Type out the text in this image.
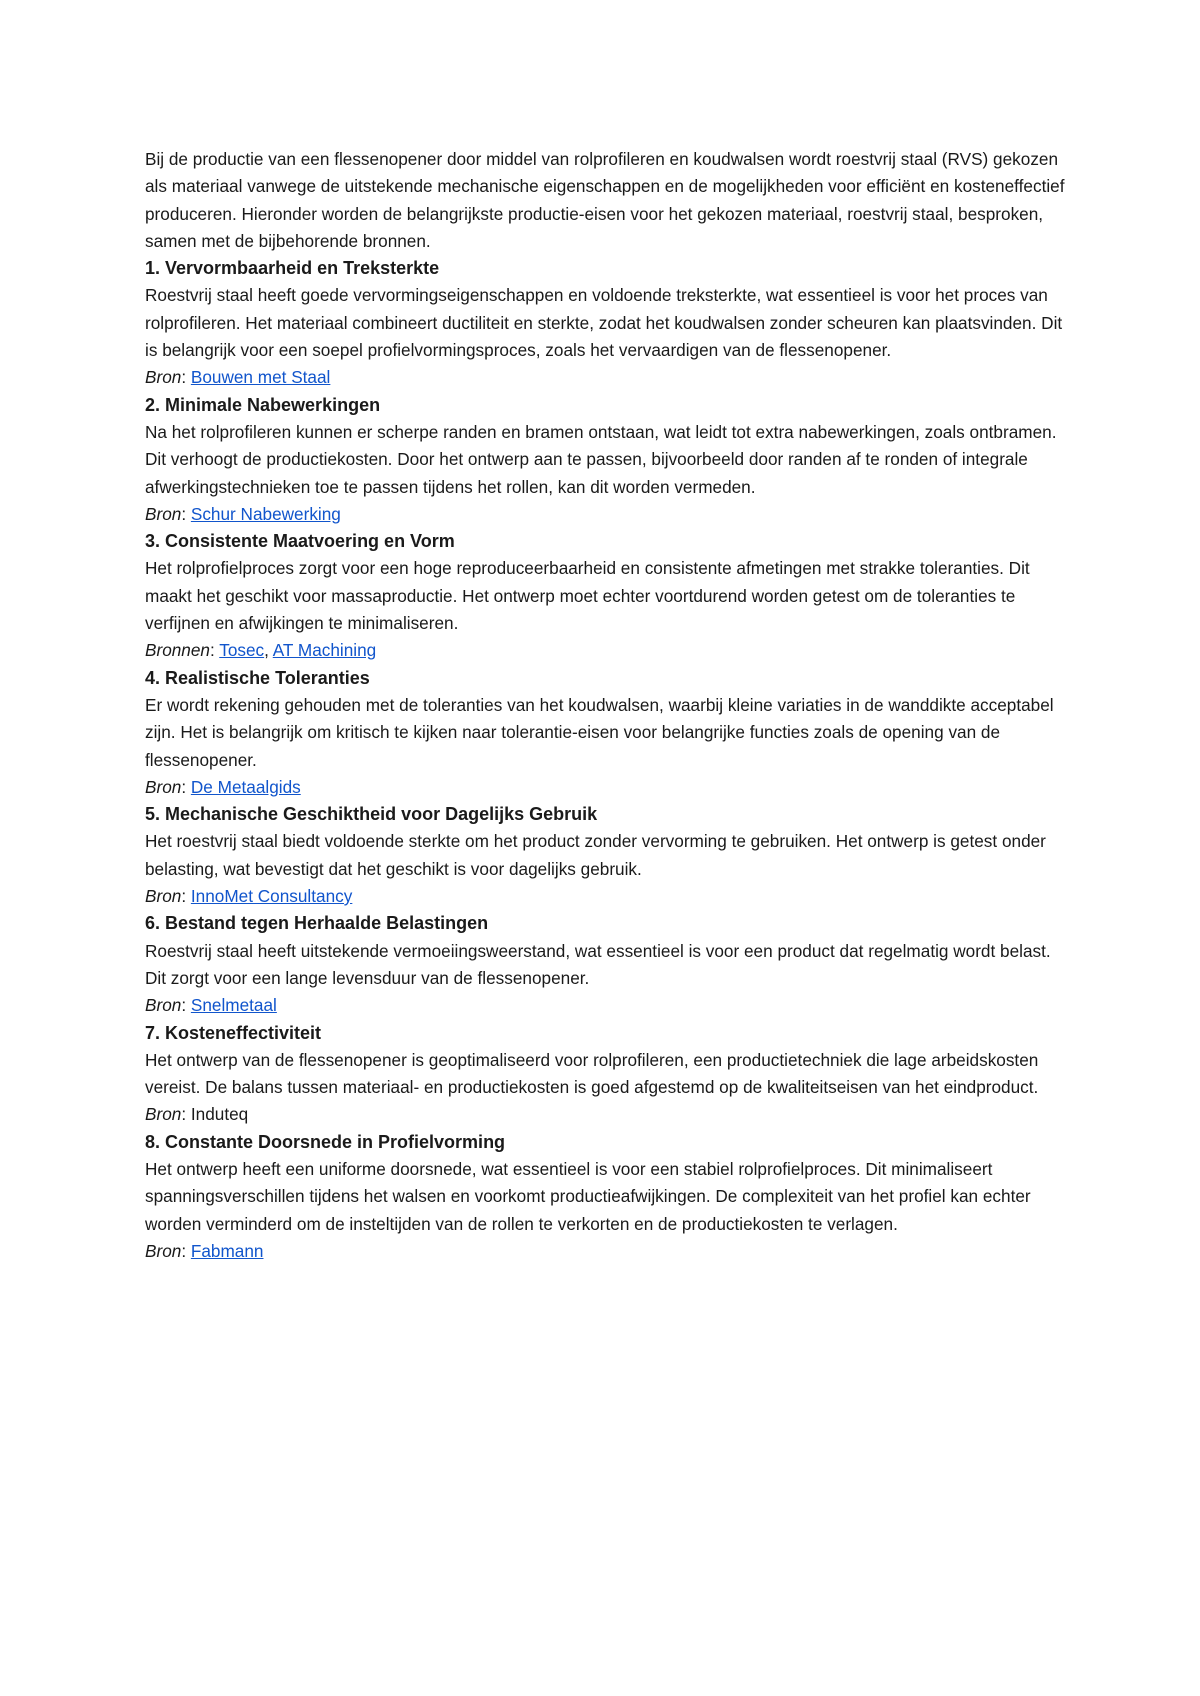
Bij de productie van een flessenopener door middel van rolprofileren en koudwalsen wordt roestvrij staal (RVS) gekozen als materiaal vanwege de uitstekende mechanische eigenschappen en de mogelijkheden voor efficiënt en kosteneffectief produceren. Hieronder worden de belangrijkste productie-eisen voor het gekozen materiaal, roestvrij staal, besproken, samen met de bijbehorende bronnen.

1. Vervormbaarheid en Treksterkte

Roestvrij staal heeft goede vervormingseigenschappen en voldoende treksterkte, wat essentieel is voor het proces van rolprofileren. Het materiaal combineert ductiliteit en sterkte, zodat het koudwalsen zonder scheuren kan plaatsvinden. Dit is belangrijk voor een soepel profielvormingsproces, zoals het vervaardigen van de flessenopener.

Bron: Bouwen met Staal

2. Minimale Nabewerkingen

Na het rolprofileren kunnen er scherpe randen en bramen ontstaan, wat leidt tot extra nabewerkingen, zoals ontbramen. Dit verhoogt de productiekosten. Door het ontwerp aan te passen, bijvoorbeeld door randen af te ronden of integrale afwerkingstechnieken toe te passen tijdens het rollen, kan dit worden vermeden.

Bron: Schur Nabewerking

3. Consistente Maatvoering en Vorm

Het rolprofielproces zorgt voor een hoge reproduceerbaarheid en consistente afmetingen met strakke toleranties. Dit maakt het geschikt voor massaproductie. Het ontwerp moet echter voortdurend worden getest om de toleranties te verfijnen en afwijkingen te minimaliseren.

Bronnen: Tosec, AT Machining

4. Realistische Toleranties

Er wordt rekening gehouden met de toleranties van het koudwalsen, waarbij kleine variaties in de wanddikte acceptabel zijn. Het is belangrijk om kritisch te kijken naar tolerantie-eisen voor belangrijke functies zoals de opening van de flessenopener.

Bron: De Metaalgids

5. Mechanische Geschiktheid voor Dagelijks Gebruik

Het roestvrij staal biedt voldoende sterkte om het product zonder vervorming te gebruiken. Het ontwerp is getest onder belasting, wat bevestigt dat het geschikt is voor dagelijks gebruik.

Bron: InnoMet Consultancy

6. Bestand tegen Herhaalde Belastingen

Roestvrij staal heeft uitstekende vermoeiingsweerstand, wat essentieel is voor een product dat regelmatig wordt belast. Dit zorgt voor een lange levensduur van de flessenopener.

Bron: Snelmetaal

7. Kosteneffectiviteit

Het ontwerp van de flessenopener is geoptimaliseerd voor rolprofileren, een productietechniek die lage arbeidskosten vereist. De balans tussen materiaal- en productiekosten is goed afgestemd op de kwaliteitseisen van het eindproduct.

Bron: Induteq

8. Constante Doorsnede in Profielvorming

Het ontwerp heeft een uniforme doorsnede, wat essentieel is voor een stabiel rolprofielproces. Dit minimaliseert spanningsverschillen tijdens het walsen en voorkomt productieafwijkingen. De complexiteit van het profiel kan echter worden verminderd om de insteltijden van de rollen te verkorten en de productiekosten te verlagen.

Bron: Fabmann
